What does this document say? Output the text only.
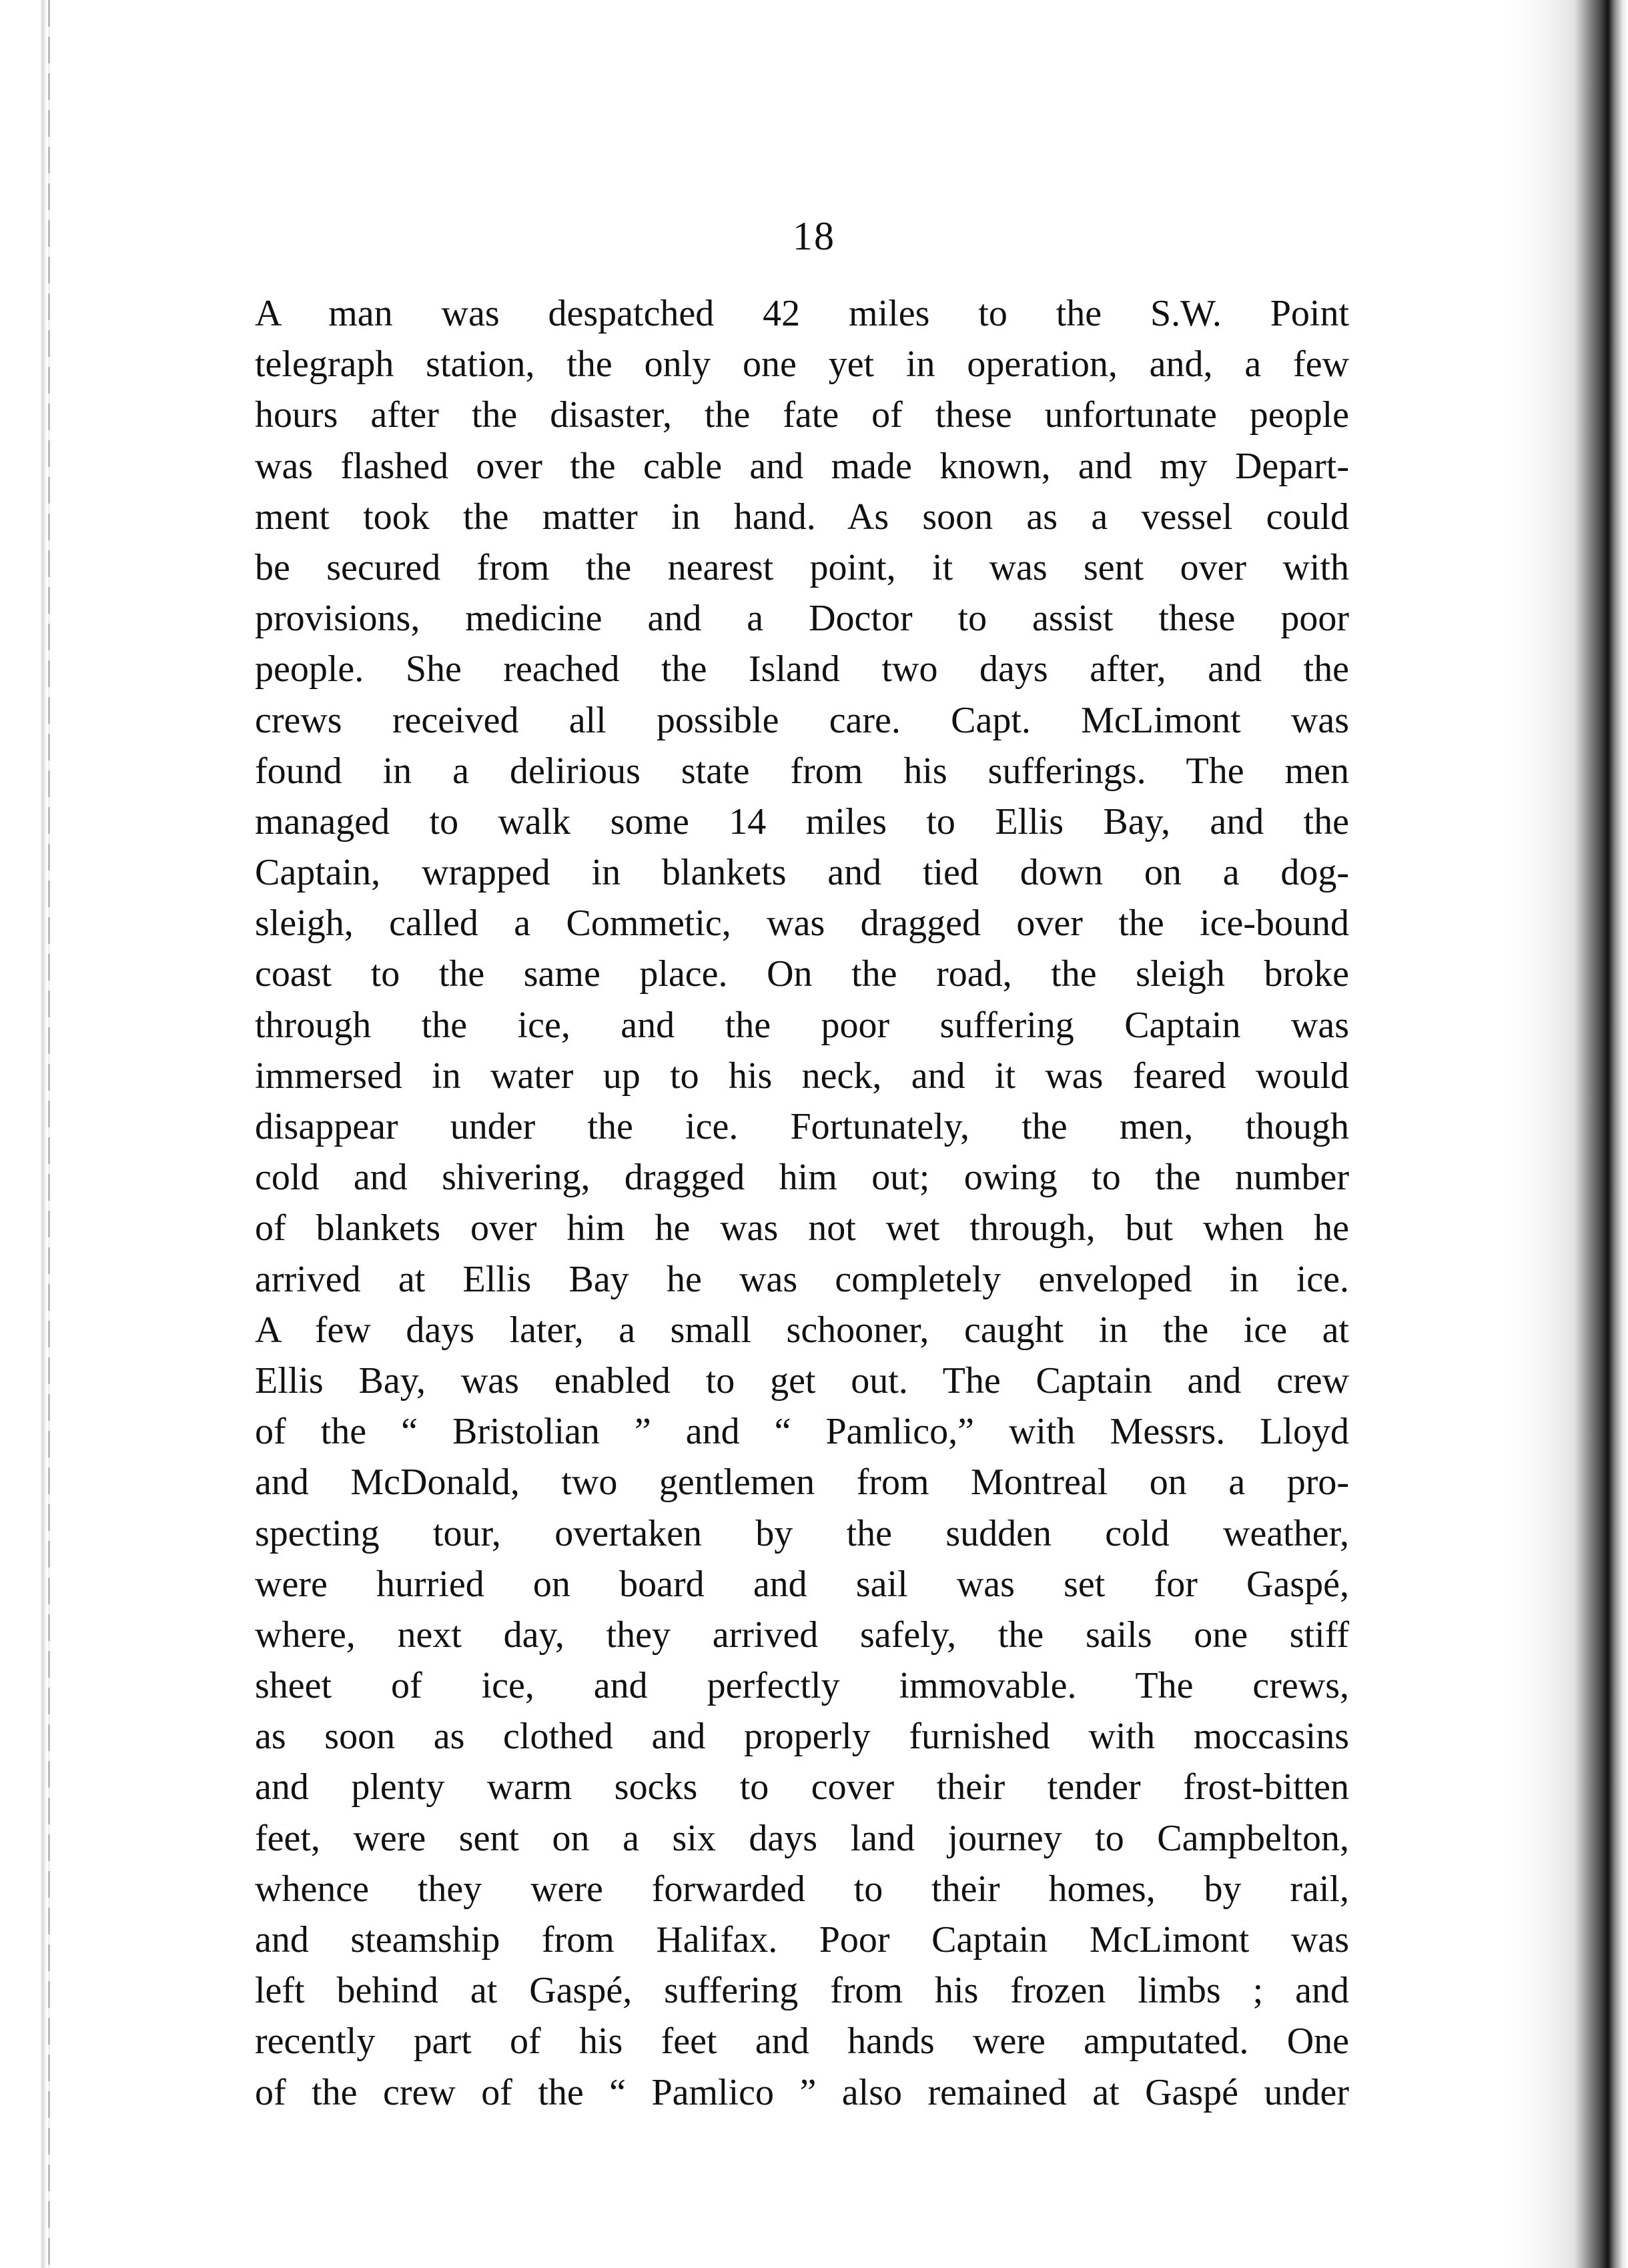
18
A man was despatched 42 miles to the S.W. Point
telegraph station, the only one yet in operation, and, a few
hours after the disaster, the fate of these unfortunate people
was flashed over the cable and made known, and my Depart-
ment took the matter in hand. As soon as a vessel could
be secured from the nearest point, it was sent over with
provisions, medicine and a Doctor to assist these poor
people. She reached the Island two days after, and the
crews received all possible care. Capt. McLimont was
found in a delirious state from his sufferings. The men
managed to walk some 14 miles to Ellis Bay, and the
Captain, wrapped in blankets and tied down on a dog-
sleigh, called a Commetic, was dragged over the ice-bound
coast to the same place. On the road, the sleigh broke
through the ice, and the poor suffering Captain was
immersed in water up to his neck, and it was feared would
disappear under the ice. Fortunately, the men, though
cold and shivering, dragged him out; owing to the number
of blankets over him he was not wet through, but when he
arrived at Ellis Bay he was completely enveloped in ice.
A few days later, a small schooner, caught in the ice at
Ellis Bay, was enabled to get out. The Captain and crew
of the “ Bristolian ” and “ Pamlico,” with Messrs. Lloyd
and McDonald, two gentlemen from Montreal on a pro-
specting tour, overtaken by the sudden cold weather,
were hurried on board and sail was set for Gaspé,
where, next day, they arrived safely, the sails one stiff
sheet of ice, and perfectly immovable. The crews,
as soon as clothed and properly furnished with moccasins
and plenty warm socks to cover their tender frost-bitten
feet, were sent on a six days land journey to Campbelton,
whence they were forwarded to their homes, by rail,
and steamship from Halifax. Poor Captain McLimont was
left behind at Gaspé, suffering from his frozen limbs ; and
recently part of his feet and hands were amputated. One
of the crew of the “ Pamlico ” also remained at Gaspé under
